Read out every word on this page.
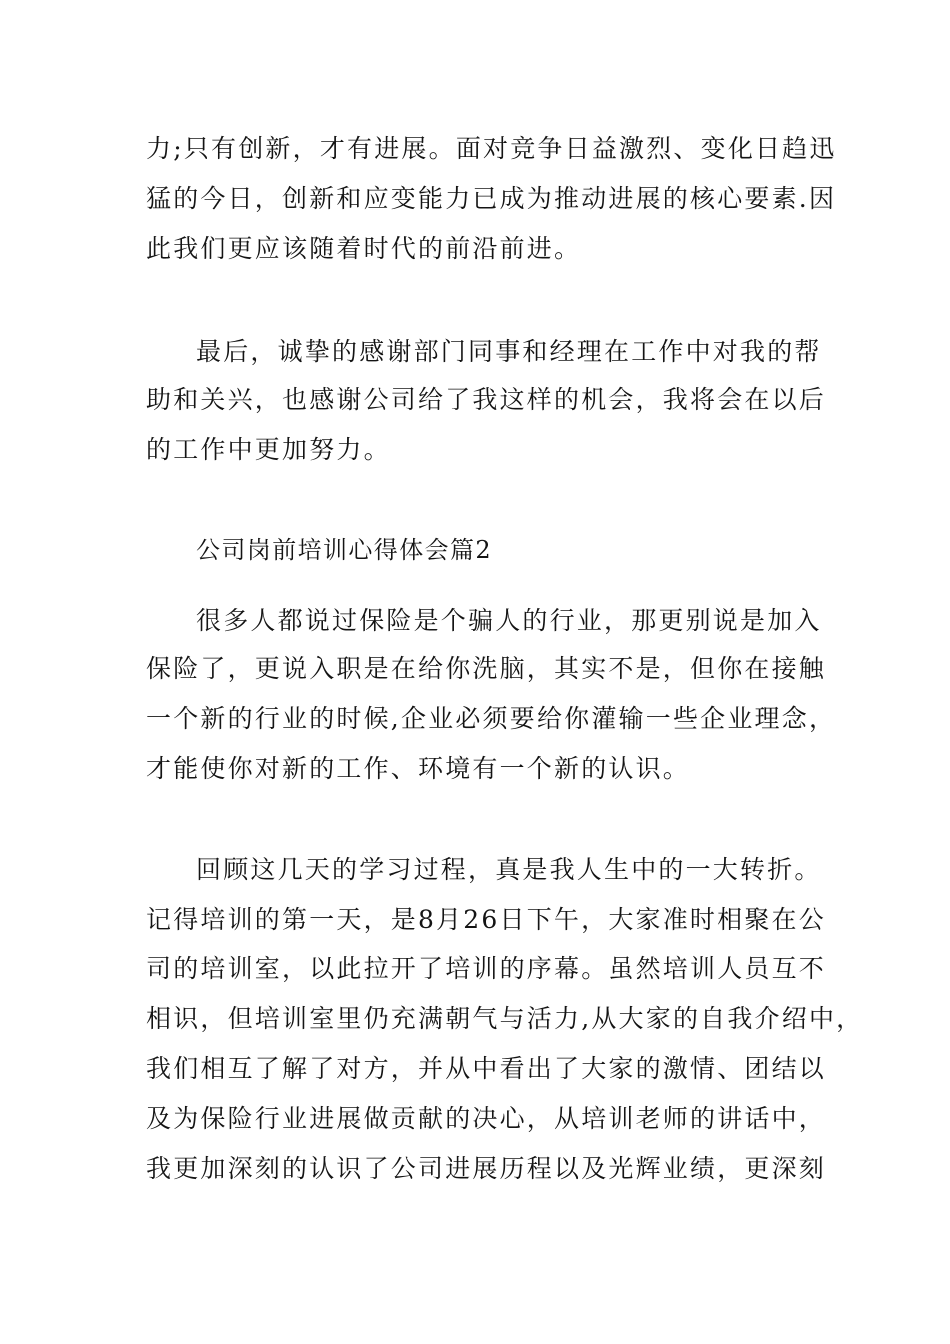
力;只有创新，才有进展。面对竞争日益激烈、变化日趋迅
猛的今日，创新和应变能力已成为推动进展的核心要素.因
此我们更应该随着时代的前沿前进。
最后，诚挚的感谢部门同事和经理在工作中对我的帮
助和关兴，也感谢公司给了我这样的机会，我将会在以后
的工作中更加努力。
公司岗前培训心得体会篇2
很多人都说过保险是个骗人的行业，那更别说是加入
保险了，更说入职是在给你洗脑，其实不是，但你在接触
一个新的行业的时候,企业必须要给你灌输一些企业理念，
才能使你对新的工作、环境有一个新的认识。
回顾这几天的学习过程，真是我人生中的一大转折。
记得培训的第一天，是8月26日下午，大家准时相聚在公
司的培训室，以此拉开了培训的序幕。虽然培训人员互不
相识，但培训室里仍充满朝气与活力,从大家的自我介绍中，
我们相互了解了对方，并从中看出了大家的激情、团结以
及为保险行业进展做贡献的决心，从培训老师的讲话中，
我更加深刻的认识了公司进展历程以及光辉业绩，更深刻
